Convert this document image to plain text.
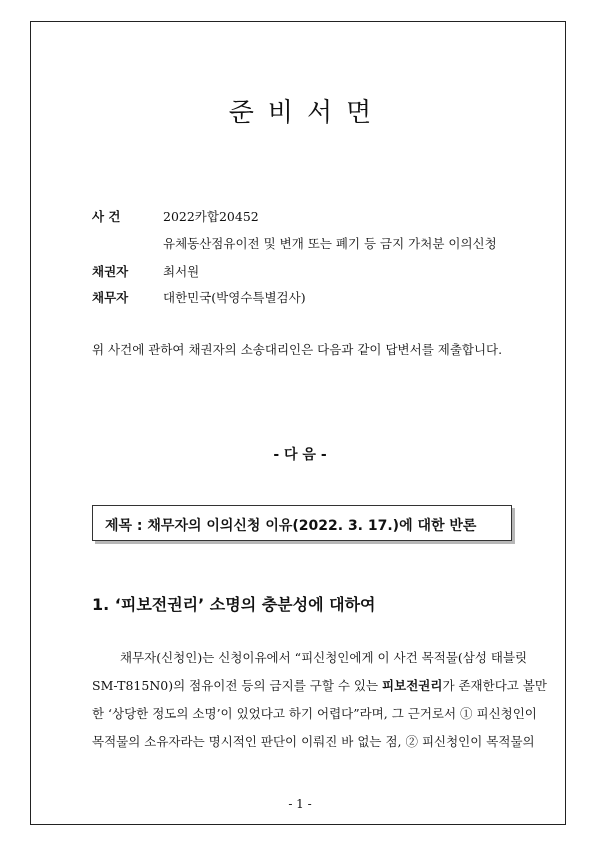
준비서면
사 건	2022카합20452
유체동산점유이전 및 변개 또는 폐기 등 금지 가처분 이의신청
채권자	최서원
채무자	대한민국(박영수특별검사)
위 사건에 관하여 채권자의 소송대리인은 다음과 같이 답변서를 제출합니다.
- 다 음 -
제목 : 채무자의 이의신청 이유(2022. 3. 17.)에 대한 반론
1. ‘피보전권리’ 소명의 충분성에 대하여
채무자(신청인)는 신청이유에서 “피신청인에게 이 사건 목적물(삼성 태블릿
SM-T815N0)의 점유이전 등의 금지를 구할 수 있는 피보전권리가 존재한다고 볼만
한 ‘상당한 정도의 소명’이 있었다고 하기 어렵다”라며, 그 근거로서 ① 피신청인이
목적물의 소유자라는 명시적인 판단이 이뤄진 바 없는 점, ② 피신청인이 목적물의
- 1 -
